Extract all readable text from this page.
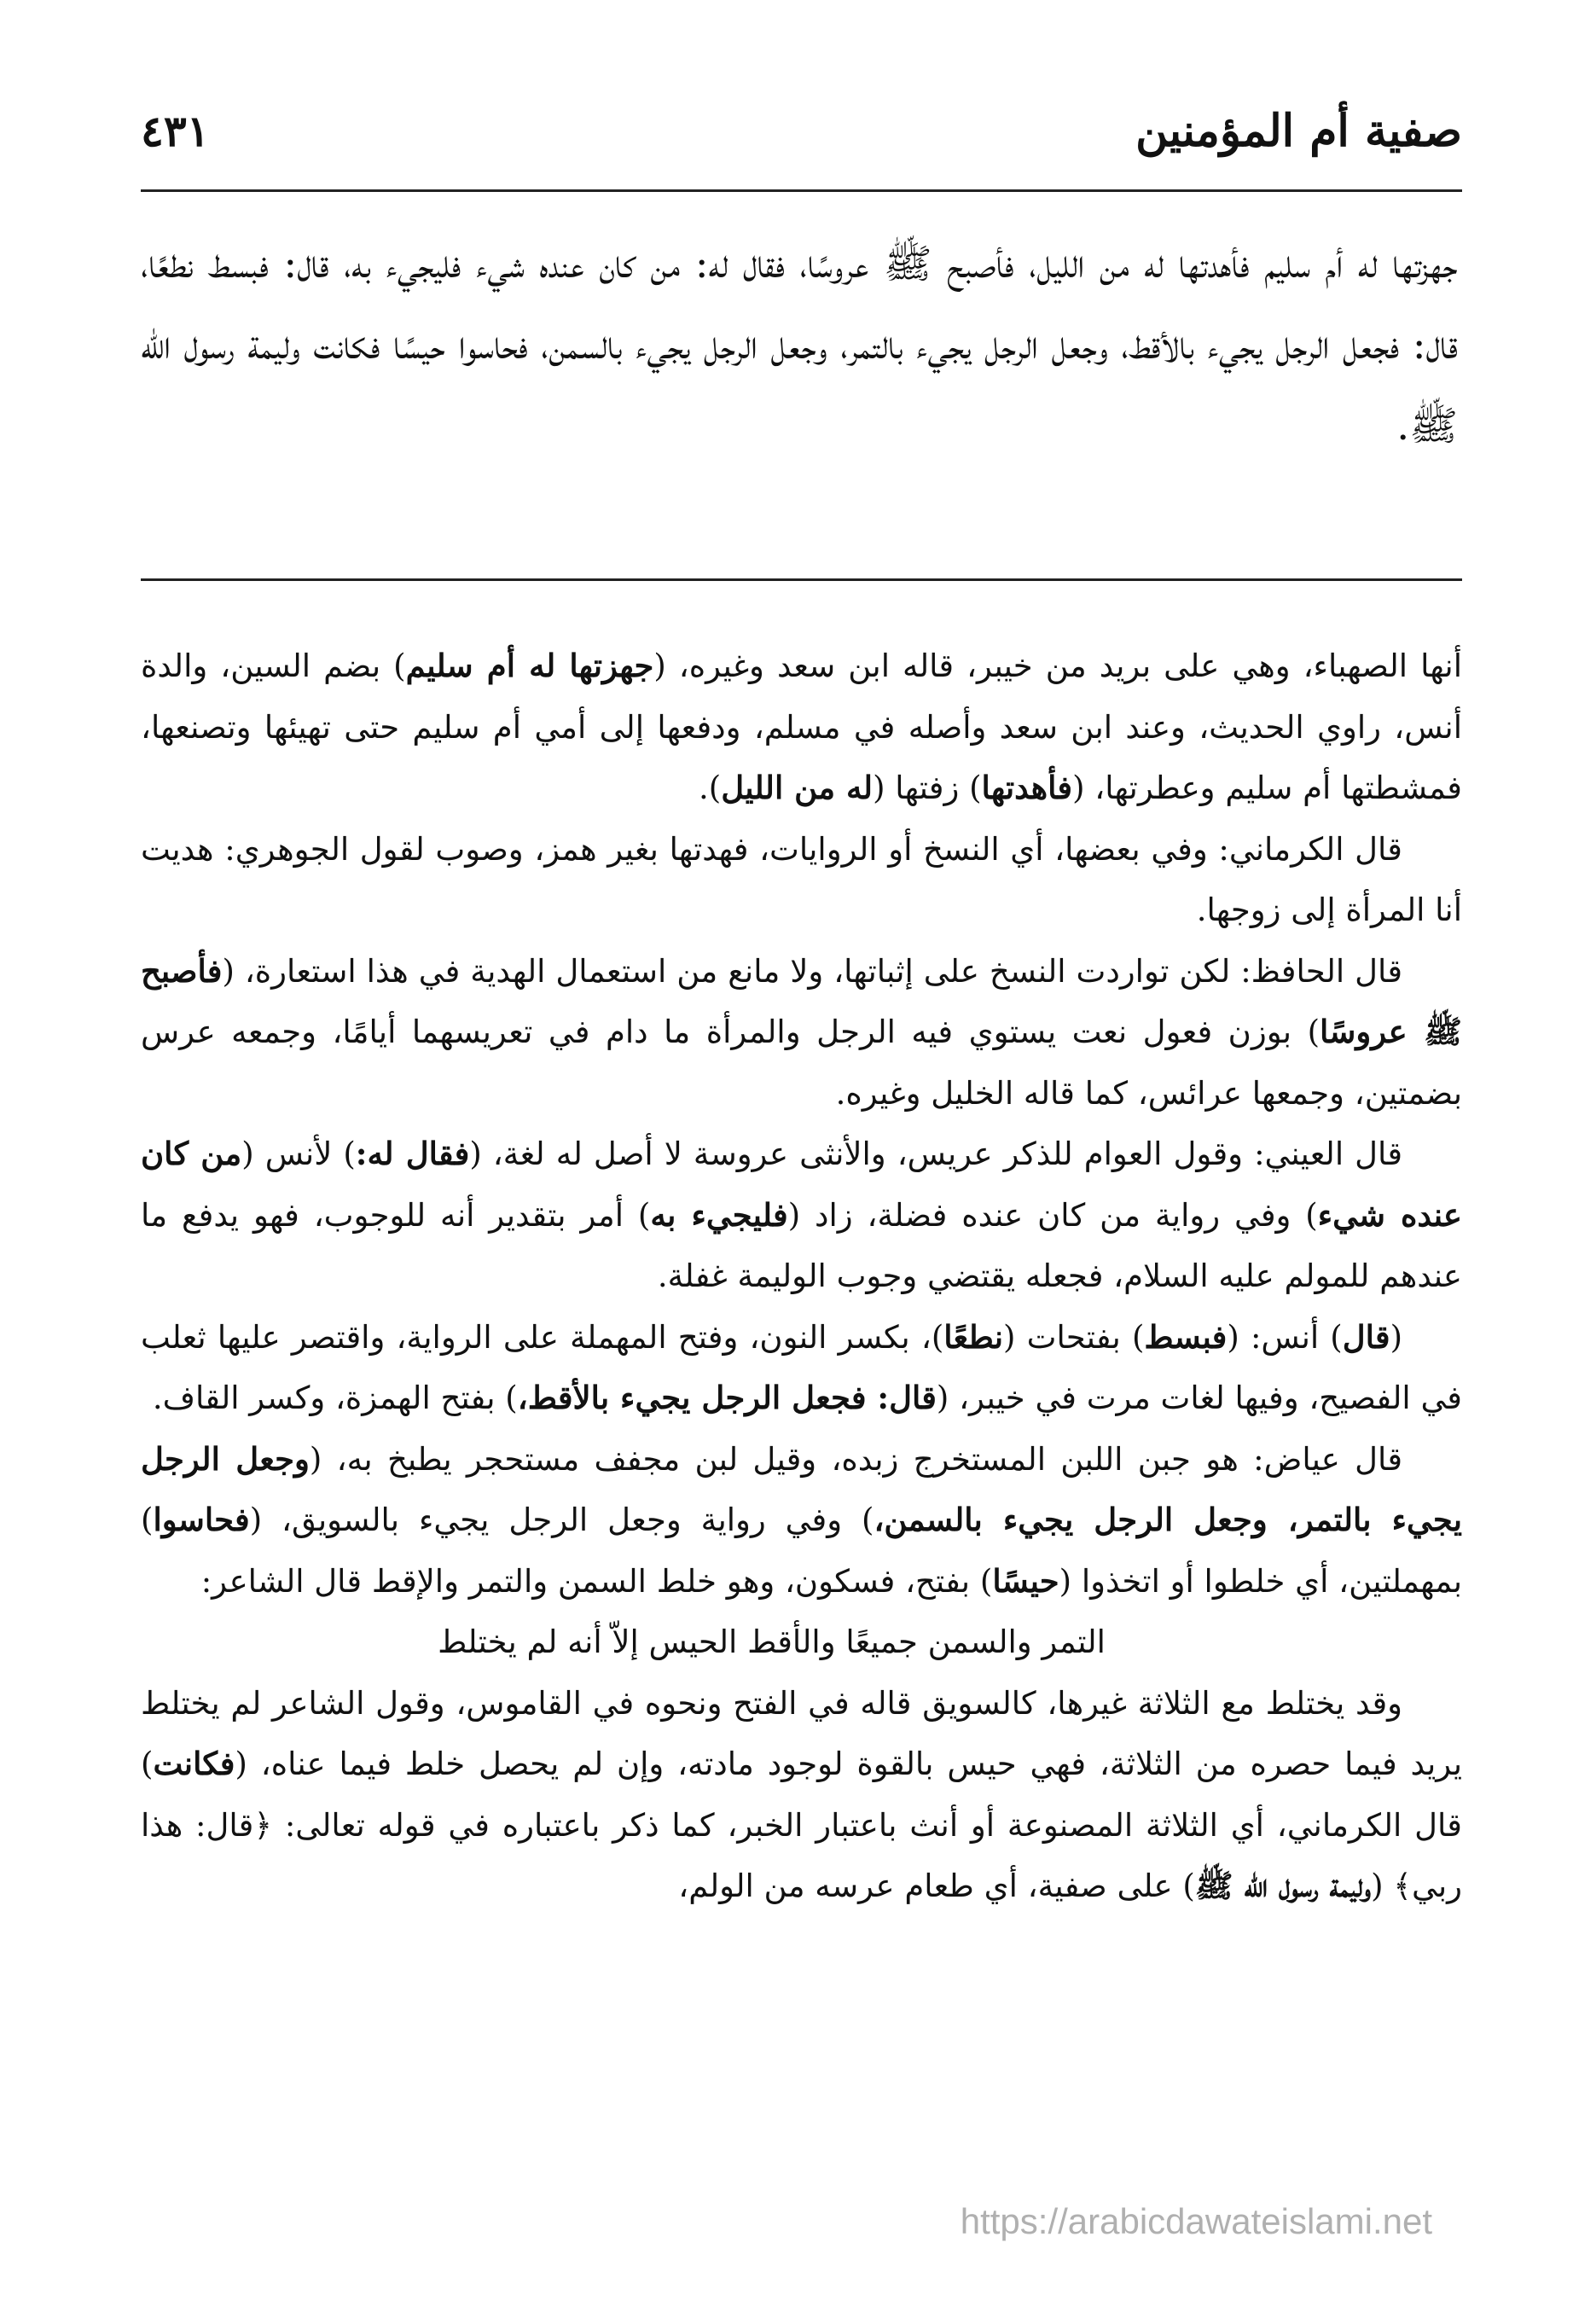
صفية أم المؤمنين
٤٣١
جهزتها له أم سليم فأهدتها له من الليل، فأصبح ﷺ عروسًا، فقال له: من كان عنده شيء فليجيء به، قال: فبسط نطعًا، قال: فجعل الرجل يجيء بالأقط، وجعل الرجل يجيء بالتمر، وجعل الرجل يجيء بالسمن، فحاسوا حيسًا فكانت وليمة رسول الله ﷺ.

أنها الصهباء، وهي على بريد من خيبر، قاله ابن سعد وغيره، (جهزتها له أم سليم) بضم السين، والدة أنس، راوي الحديث، وعند ابن سعد وأصله في مسلم، ودفعها إلى أمي أم سليم حتى تهيئها وتصنعها، فمشطتها أم سليم وعطرتها، (فأهدتها) زفتها (له من الليل).

قال الكرماني: وفي بعضها، أي النسخ أو الروايات، فهدتها بغير همز، وصوب لقول الجوهري: هديت أنا المرأة إلى زوجها.

قال الحافظ: لكن تواردت النسخ على إثباتها، ولا مانع من استعمال الهدية في هذا استعارة، (فأصبح ﷺ عروسًا) بوزن فعول نعت يستوي فيه الرجل والمرأة ما دام في تعريسهما أيامًا، وجمعه عرس بضمتين، وجمعها عرائس، كما قاله الخليل وغيره.

قال العيني: وقول العوام للذكر عريس، والأنثى عروسة لا أصل له لغة، (فقال له:) لأنس (من كان عنده شيء) وفي رواية من كان عنده فضلة، زاد (فليجيء به) أمر بتقدير أنه للوجوب، فهو يدفع ما عندهم للمولم عليه السلام، فجعله يقتضي وجوب الوليمة غفلة.

(قال) أنس: (فبسط) بفتحات (نطعًا)، بكسر النون، وفتح المهملة على الرواية، واقتصر عليها ثعلب في الفصيح، وفيها لغات مرت في خيبر، (قال: فجعل الرجل يجيء بالأقط،) بفتح الهمزة، وكسر القاف.

قال عياض: هو جبن اللبن المستخرج زبده، وقيل لبن مجفف مستحجر يطبخ به، (وجعل الرجل يجيء بالتمر، وجعل الرجل يجيء بالسمن،) وفي رواية وجعل الرجل يجيء بالسويق، (فحاسوا) بمهملتين، أي خلطوا أو اتخذوا (حيسًا) بفتح، فسكون، وهو خلط السمن والتمر والإقط قال الشاعر:

التمر والسمن جميعًا والأقط الحيس إلاّ أنه لم يختلط

وقد يختلط مع الثلاثة غيرها، كالسويق قاله في الفتح ونحوه في القاموس، وقول الشاعر لم يختلط يريد فيما حصره من الثلاثة، فهي حيس بالقوة لوجود مادته، وإن لم يحصل خلط فيما عناه، (فكانت) قال الكرماني، أي الثلاثة المصنوعة أو أنث باعتبار الخبر، كما ذكر باعتباره في قوله تعالى: ﴿قال: هذا ربي﴾ (وليمة رسول الله ﷺ) على صفية، أي طعام عرسه من الولم،

https://arabicdawateislami.net
